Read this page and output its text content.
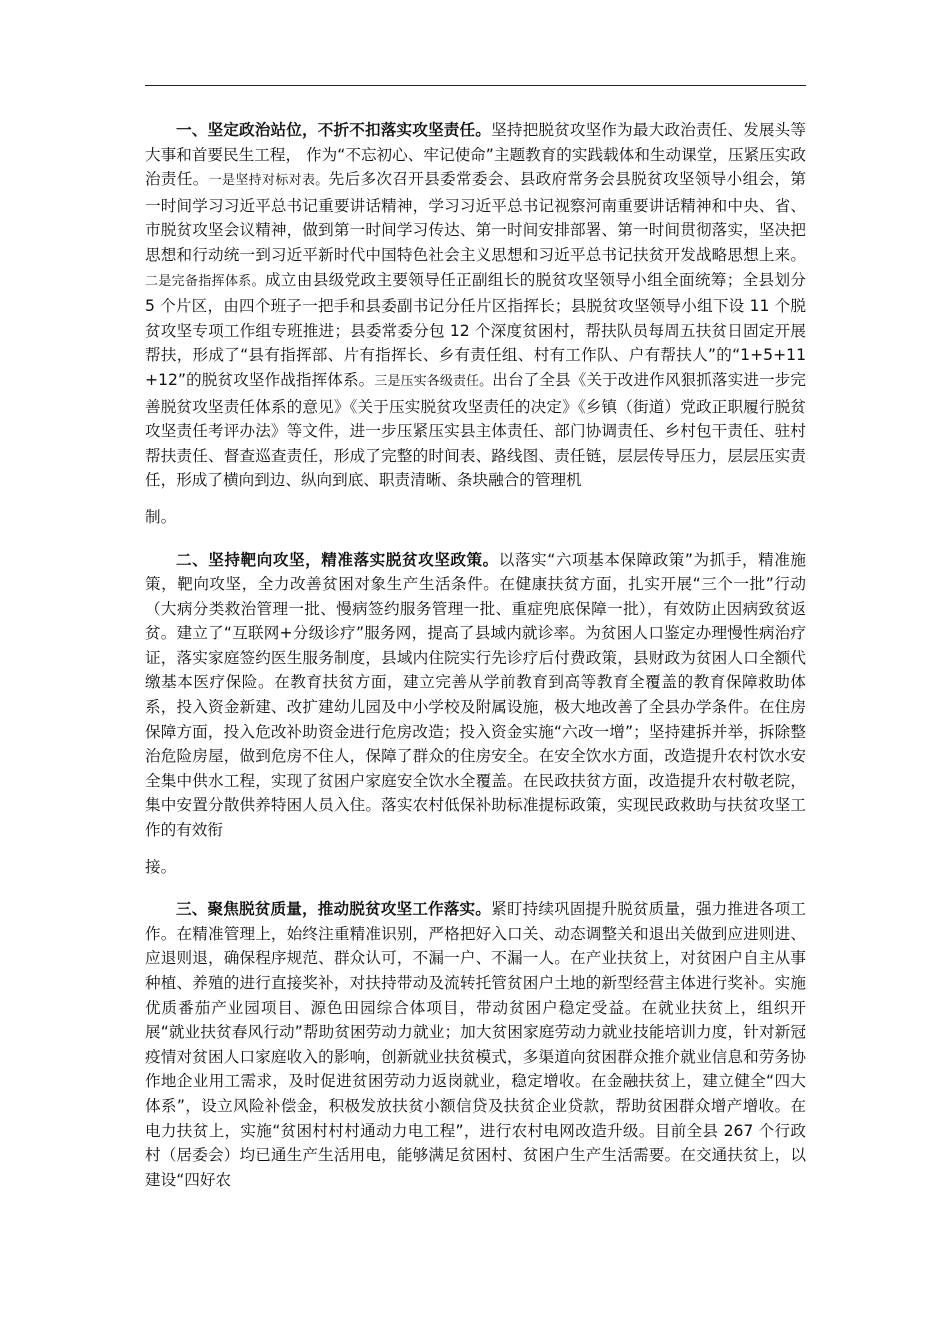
一、坚定政治站位，不折不扣落实攻坚责任。坚持把脱贫攻坚作为最大政治责任、发展头等大事和首要民生工程， 作为“不忘初心、牢记使命”主题教育的实践载体和生动课堂，压紧压实政治责任。一是坚持对标对表。先后多次召开县委常委会、县政府常务会县脱贫攻坚领导小组会，第一时间学习习近平总书记重要讲话精神，学习习近平总书记视察河南重要讲话精神和中央、省、市脱贫攻坚会议精神，做到第一时间学习传达、第一时间安排部署、第一时间贯彻落实，坚决把思想和行动统一到习近平新时代中国特色社会主义思想和习近平总书记扶贫开发战略思想上来。二是完备指挥体系。成立由县级党政主要领导任正副组长的脱贫攻坚领导小组全面统筹；全县划分 5 个片区，由四个班子一把手和县委副书记分任片区指挥长；县脱贫攻坚领导小组下设 11 个脱贫攻坚专项工作组专班推进；县委常委分包 12 个深度贫困村，帮扶队员每周五扶贫日固定开展帮扶，形成了“县有指挥部、片有指挥长、乡有责任组、村有工作队、户有帮扶人”的“1+5+11+12”的脱贫攻坚作战指挥体系。三是压实各级责任。出台了全县《关于改进作风狠抓落实进一步完善脱贫攻坚责任体系的意见》《关于压实脱贫攻坚责任的决定》《乡镇（街道）党政正职履行脱贫攻坚责任考评办法》等文件，进一步压紧压实县主体责任、部门协调责任、乡村包干责任、驻村帮扶责任、督查巡查责任，形成了完整的时间表、路线图、责任链，层层传导压力，层层压实责任，形成了横向到边、纵向到底、职责清晰、条块融合的管理机

制。

二、坚持靶向攻坚，精准落实脱贫攻坚政策。以落实“六项基本保障政策”为抓手，精准施策，靶向攻坚，全力改善贫困对象生产生活条件。在健康扶贫方面，扎实开展“三个一批”行动（大病分类救治管理一批、慢病签约服务管理一批、重症兜底保障一批），有效防止因病致贫返贫。建立了“互联网+分级诊疗”服务网，提高了县域内就诊率。为贫困人口鉴定办理慢性病治疗证，落实家庭签约医生服务制度，县域内住院实行先诊疗后付费政策，县财政为贫困人口全额代缴基本医疗保险。在教育扶贫方面，建立完善从学前教育到高等教育全覆盖的教育保障救助体系，投入资金新建、改扩建幼儿园及中小学校及附属设施，极大地改善了全县办学条件。在住房保障方面，投入危改补助资金进行危房改造；投入资金实施“六改一增”；坚持建拆并举，拆除整治危险房屋，做到危房不住人，保障了群众的住房安全。在安全饮水方面，改造提升农村饮水安全集中供水工程，实现了贫困户家庭安全饮水全覆盖。在民政扶贫方面，改造提升农村敬老院，集中安置分散供养特困人员入住。落实农村低保补助标准提标政策，实现民政救助与扶贫攻坚工作的有效衔

接。

三、聚焦脱贫质量，推动脱贫攻坚工作落实。紧盯持续巩固提升脱贫质量，强力推进各项工作。在精准管理上，始终注重精准识别，严格把好入口关、动态调整关和退出关做到应进则进、应退则退，确保程序规范、群众认可，不漏一户、不漏一人。在产业扶贫上，对贫困户自主从事种植、养殖的进行直接奖补，对扶持带动及流转托管贫困户土地的新型经营主体进行奖补。实施优质番茄产业园项目、源色田园综合体项目，带动贫困户稳定受益。在就业扶贫上，组织开展“就业扶贫春风行动”帮助贫困劳动力就业；加大贫困家庭劳动力就业技能培训力度，针对新冠疫情对贫困人口家庭收入的影响，创新就业扶贫模式，多渠道向贫困群众推介就业信息和劳务协作地企业用工需求，及时促进贫困劳动力返岗就业，稳定增收。在金融扶贫上，建立健全“四大体系”，设立风险补偿金，积极发放扶贫小额信贷及扶贫企业贷款，帮助贫困群众增产增收。在电力扶贫上，实施“贫困村村村通动力电工程”，进行农村电网改造升级。目前全县 267 个行政村（居委会）均已通生产生活用电，能够满足贫困村、贫困户生产生活需要。在交通扶贫上，以建设“四好农
